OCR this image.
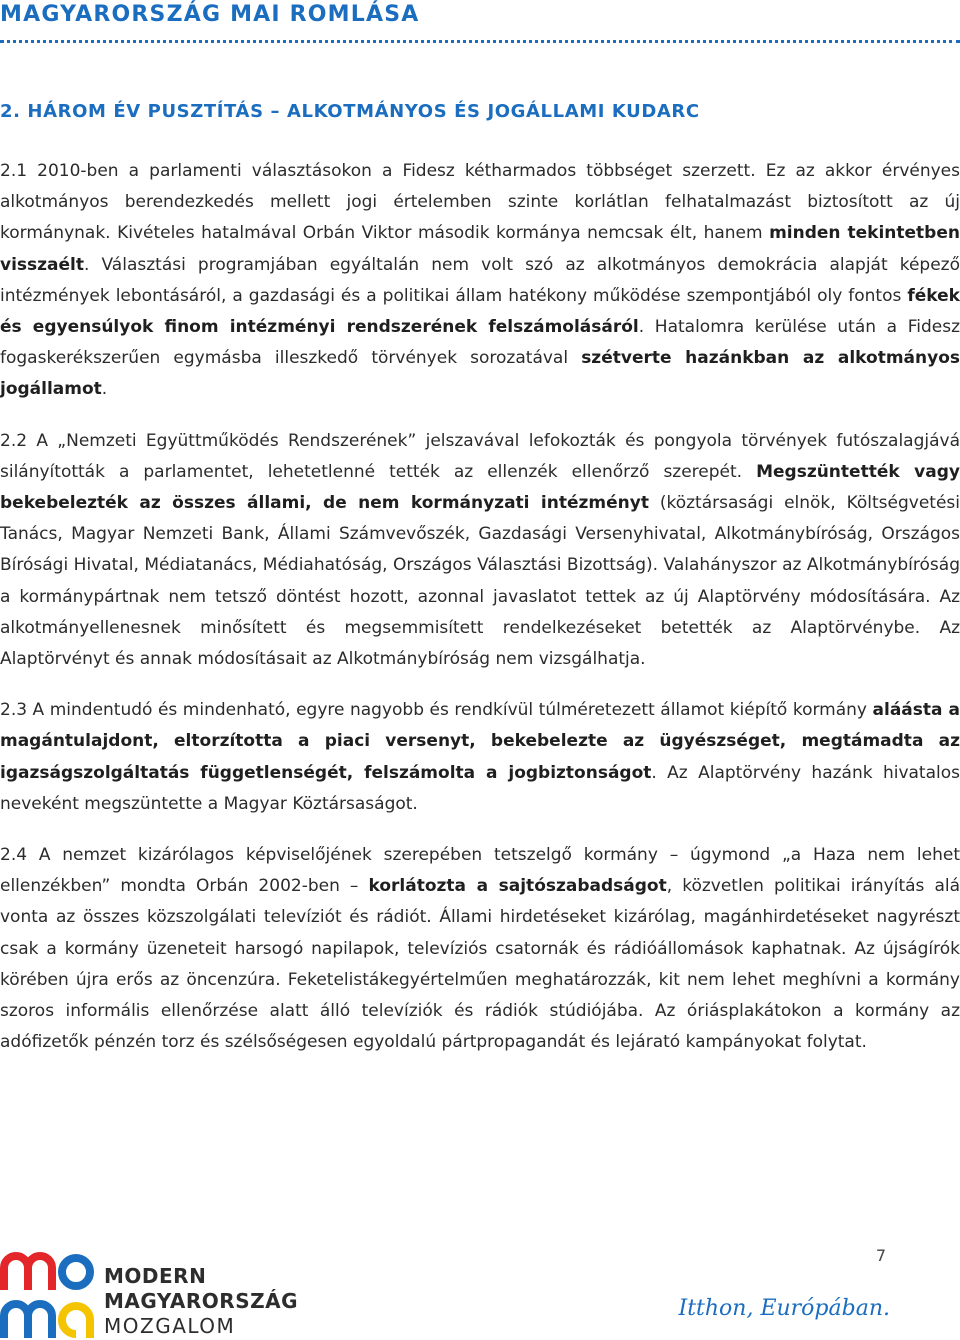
MAGYARORSZÁG MAI ROMLÁSA
2. HÁROM ÉV PUSZTÍTÁS – ALKOTMÁNYOS ÉS JOGÁLLAMI KUDARC

2.1 2010-ben a parlamenti választásokon a Fidesz kétharmados többséget szerzett. Ez az akkor érvényes alkotmányos berendezkedés mellett jogi értelemben szinte korlátlan felhatalmazást biztosított az új kormánynak. Kivételes hatalmával Orbán Viktor második kormánya nemcsak élt, hanem minden tekintetben visszaélt. Választási programjában egyáltalán nem volt szó az alkotmányos demokrácia alapját képező intézmények lebontásáról, a gazdasági és a politikai állam hatékony működése szempontjából oly fontos fékek és egyensúlyok finom intézményi rendszerének felszámolásáról. Hatalomra kerülése után a Fidesz fogaskerékszerűen egymásba illeszkedő törvények sorozatával szétverte hazánkban az alkotmányos jogállamot.

2.2 A „Nemzeti Együttműködés Rendszerének” jelszavával lefokozták és pongyola törvények futószalagjává silányították a parlamentet, lehetetlenné tették az ellenzék ellenőrző szerepét. Megszüntették vagy bekebelezték az összes állami, de nem kormányzati intézményt (köztársasági elnök, Költségvetési Tanács, Magyar Nemzeti Bank, Állami Számvevőszék, Gazdasági Versenyhivatal, Alkotmánybíróság, Országos Bírósági Hivatal, Médiatanács, Médiahatóság, Országos Választási Bizottság). Valahányszor az Alkotmánybíróság a kormánypártnak nem tetsző döntést hozott, azonnal javaslatot tettek az új Alaptörvény módosítására. Az alkotmányellenesnek minősített és megsemmisített rendelkezéseket betették az Alaptörvénybe. Az Alaptörvényt és annak módosításait az Alkotmánybíróság nem vizsgálhatja.

2.3 A mindentudó és mindenható, egyre nagyobb és rendkívül túlméretezett államot kiépítő kormány aláásta a magántulajdont, eltorzította a piaci versenyt, bekebelezte az ügyészséget, megtámadta az igazságszolgáltatás függetlenségét, felszámolta a jogbiztonságot. Az Alaptörvény hazánk hivatalos neveként megszüntette a Magyar Köztársaságot.

2.4 A nemzet kizárólagos képviselőjének szerepében tetszelgő kormány – úgymond „a Haza nem lehet ellenzékben” mondta Orbán 2002-ben – korlátozta a sajtószabadságot, közvetlen politikai irányítás alá vonta az összes közszolgálati televíziót és rádiót. Állami hirdetéseket kizárólag, magánhirdetéseket nagyrészt csak a kormány üzeneteit harsogó napilapok, televíziós csatornák és rádióállomások kaphatnak. Az újságírók körében újra erős az öncenzúra. Feketelistákegyértelműen meghatározzák, kit nem lehet meghívni a kormány szoros informális ellenőrzése alatt álló televíziók és rádiók stúdiójába. Az óriásplakátokon a kormány az adófizetők pénzén torz és szélsőségesen egyoldalú pártpropagandát és lejárató kampányokat folytat.

MODERN
MAGYARORSZÁG
MOZGALOM
7
Itthon, Európában.
